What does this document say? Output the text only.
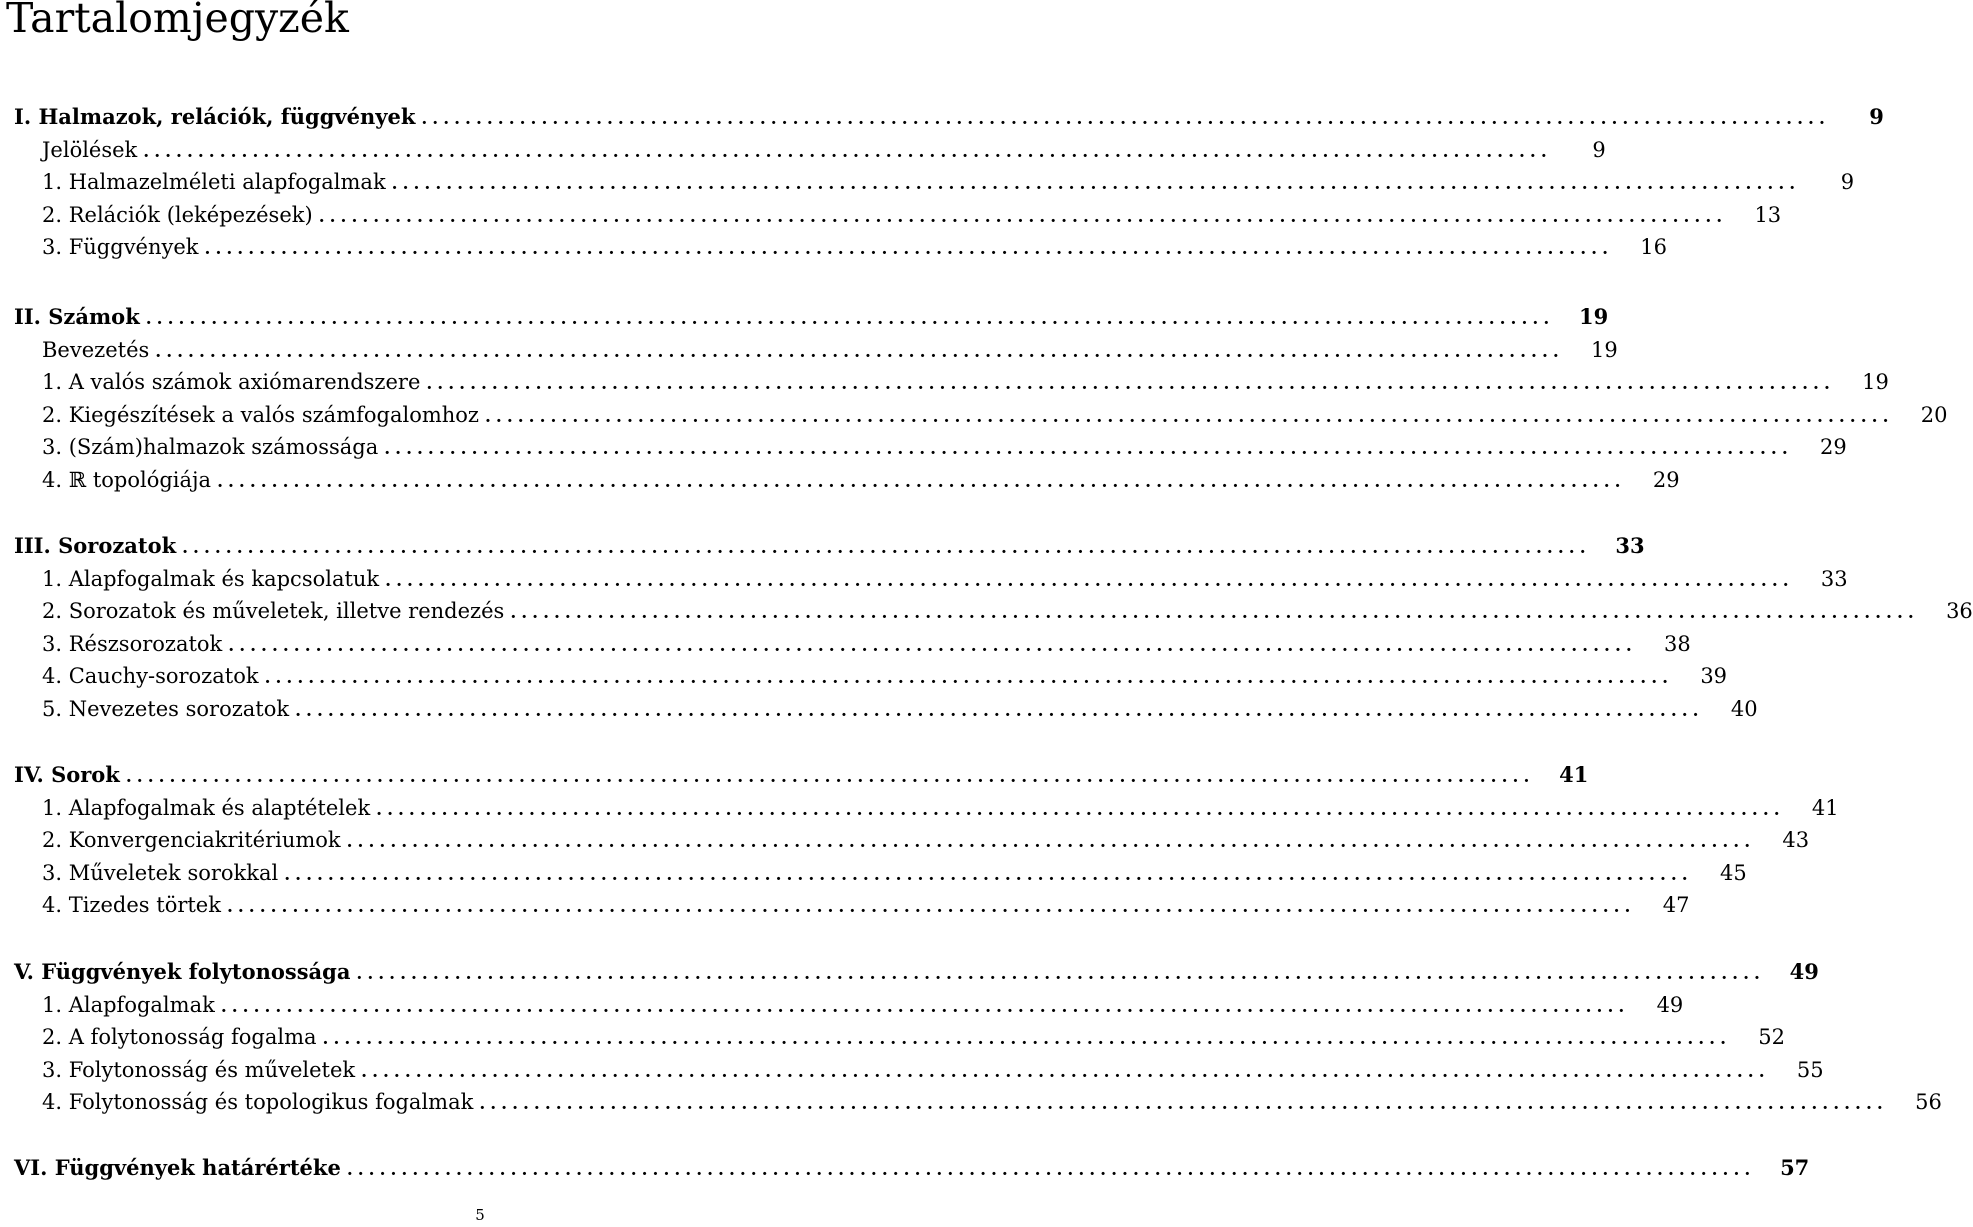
Tartalomjegyzék
I. Halmazok, relációk, függvények .................................................................................................................................	9
Jelölések .................................................................................................................................	9
1. Halmazelméleti alapfogalmak .................................................................................................................................	9
2. Relációk (leképezések) .................................................................................................................................	13
3. Függvények .................................................................................................................................	16
II. Számok .................................................................................................................................	19
Bevezetés .................................................................................................................................	19
1. A valós számok axiómarendszere .................................................................................................................................	19
2. Kiegészítések a valós számfogalomhoz .................................................................................................................................	20
3. (Szám)halmazok számossága .................................................................................................................................	29
4. ℝ topológiája .................................................................................................................................	29
III. Sorozatok .................................................................................................................................	33
1. Alapfogalmak és kapcsolatuk .................................................................................................................................	33
2. Sorozatok és műveletek, illetve rendezés .................................................................................................................................	36
3. Részsorozatok .................................................................................................................................	38
4. Cauchy-sorozatok .................................................................................................................................	39
5. Nevezetes sorozatok .................................................................................................................................	40
IV. Sorok .................................................................................................................................	41
1. Alapfogalmak és alaptételek .................................................................................................................................	41
2. Konvergenciakritériumok .................................................................................................................................	43
3. Műveletek sorokkal .................................................................................................................................	45
4. Tizedes törtek .................................................................................................................................	47
V. Függvények folytonossága .................................................................................................................................	49
1. Alapfogalmak .................................................................................................................................	49
2. A folytonosság fogalma .................................................................................................................................	52
3. Folytonosság és műveletek .................................................................................................................................	55
4. Folytonosság és topologikus fogalmak .................................................................................................................................	56
VI. Függvények határértéke .................................................................................................................................	57
5
